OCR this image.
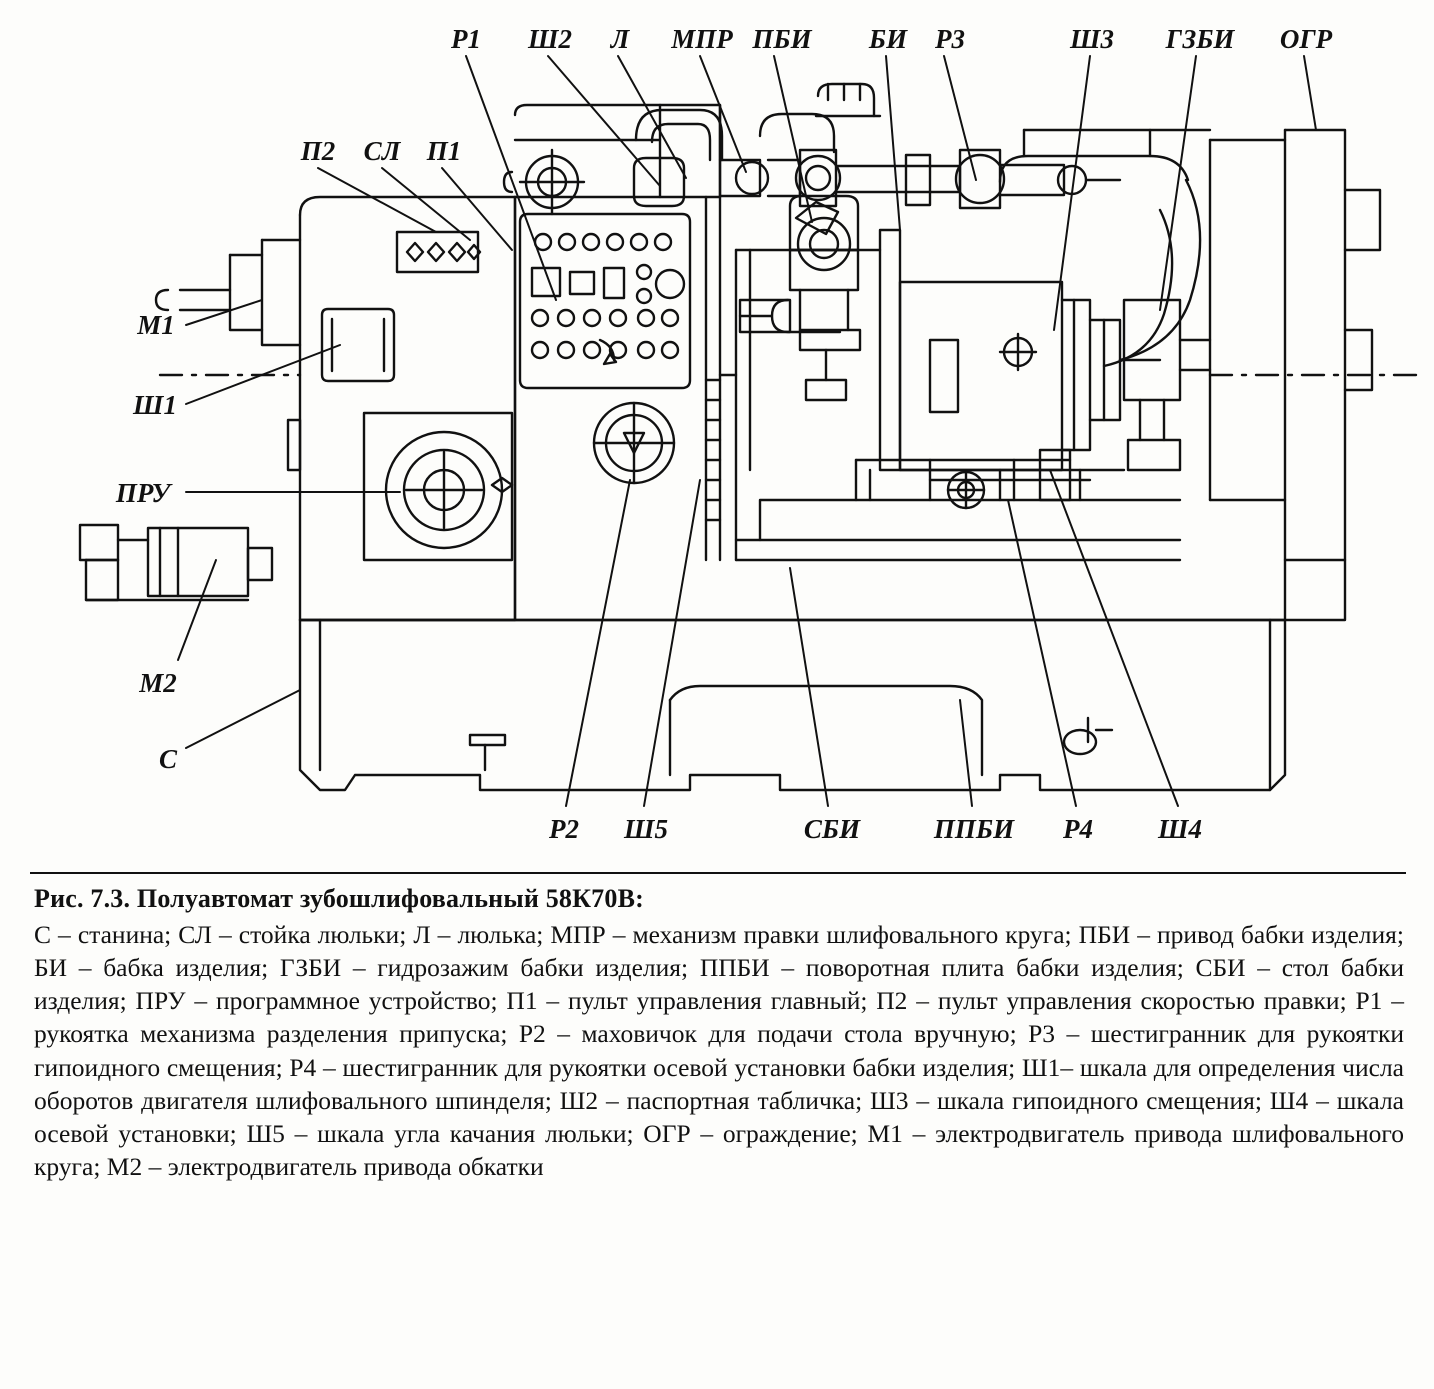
Р1 Ш2 Л МПР ПБИ БИ Р3	Ш3 ГЗБИ ОГР
П2 СЛ П1
М1
Ш1
ПРУ
М2
С
Р2 Ш5	СБИ	ППБИ Р4 Ш4

Рис. 7.3. Полуавтомат зубошлифовальный 58К70В:

С – станина; СЛ – стойка люльки; Л – люлька; МПР – механизм правки шлифовального круга; ПБИ – привод бабки изделия; БИ – бабка изделия; ГЗБИ – гидрозажим бабки изделия; ППБИ – поворотная плита бабки изделия; СБИ – стол бабки изделия; ПРУ – программное устройство; П1 – пульт управления главный; П2 – пульт управления скоростью правки; Р1 – рукоятка механизма разделения припуска; Р2 – маховичок для подачи стола вручную; Р3 – шестигранник для рукоятки гипоидного смещения; Р4 – шестигранник для рукоятки осевой установки бабки изделия; Ш1– шкала для определения числа оборотов двигателя шлифовального шпинделя; Ш2 – паспортная табличка; Ш3 – шкала гипоидного смещения; Ш4 – шкала осевой установки; Ш5 – шкала угла качания люльки; ОГР – ограждение; М1 – электродвигатель привода шлифовального круга; М2 – электродвигатель привода обкатки
